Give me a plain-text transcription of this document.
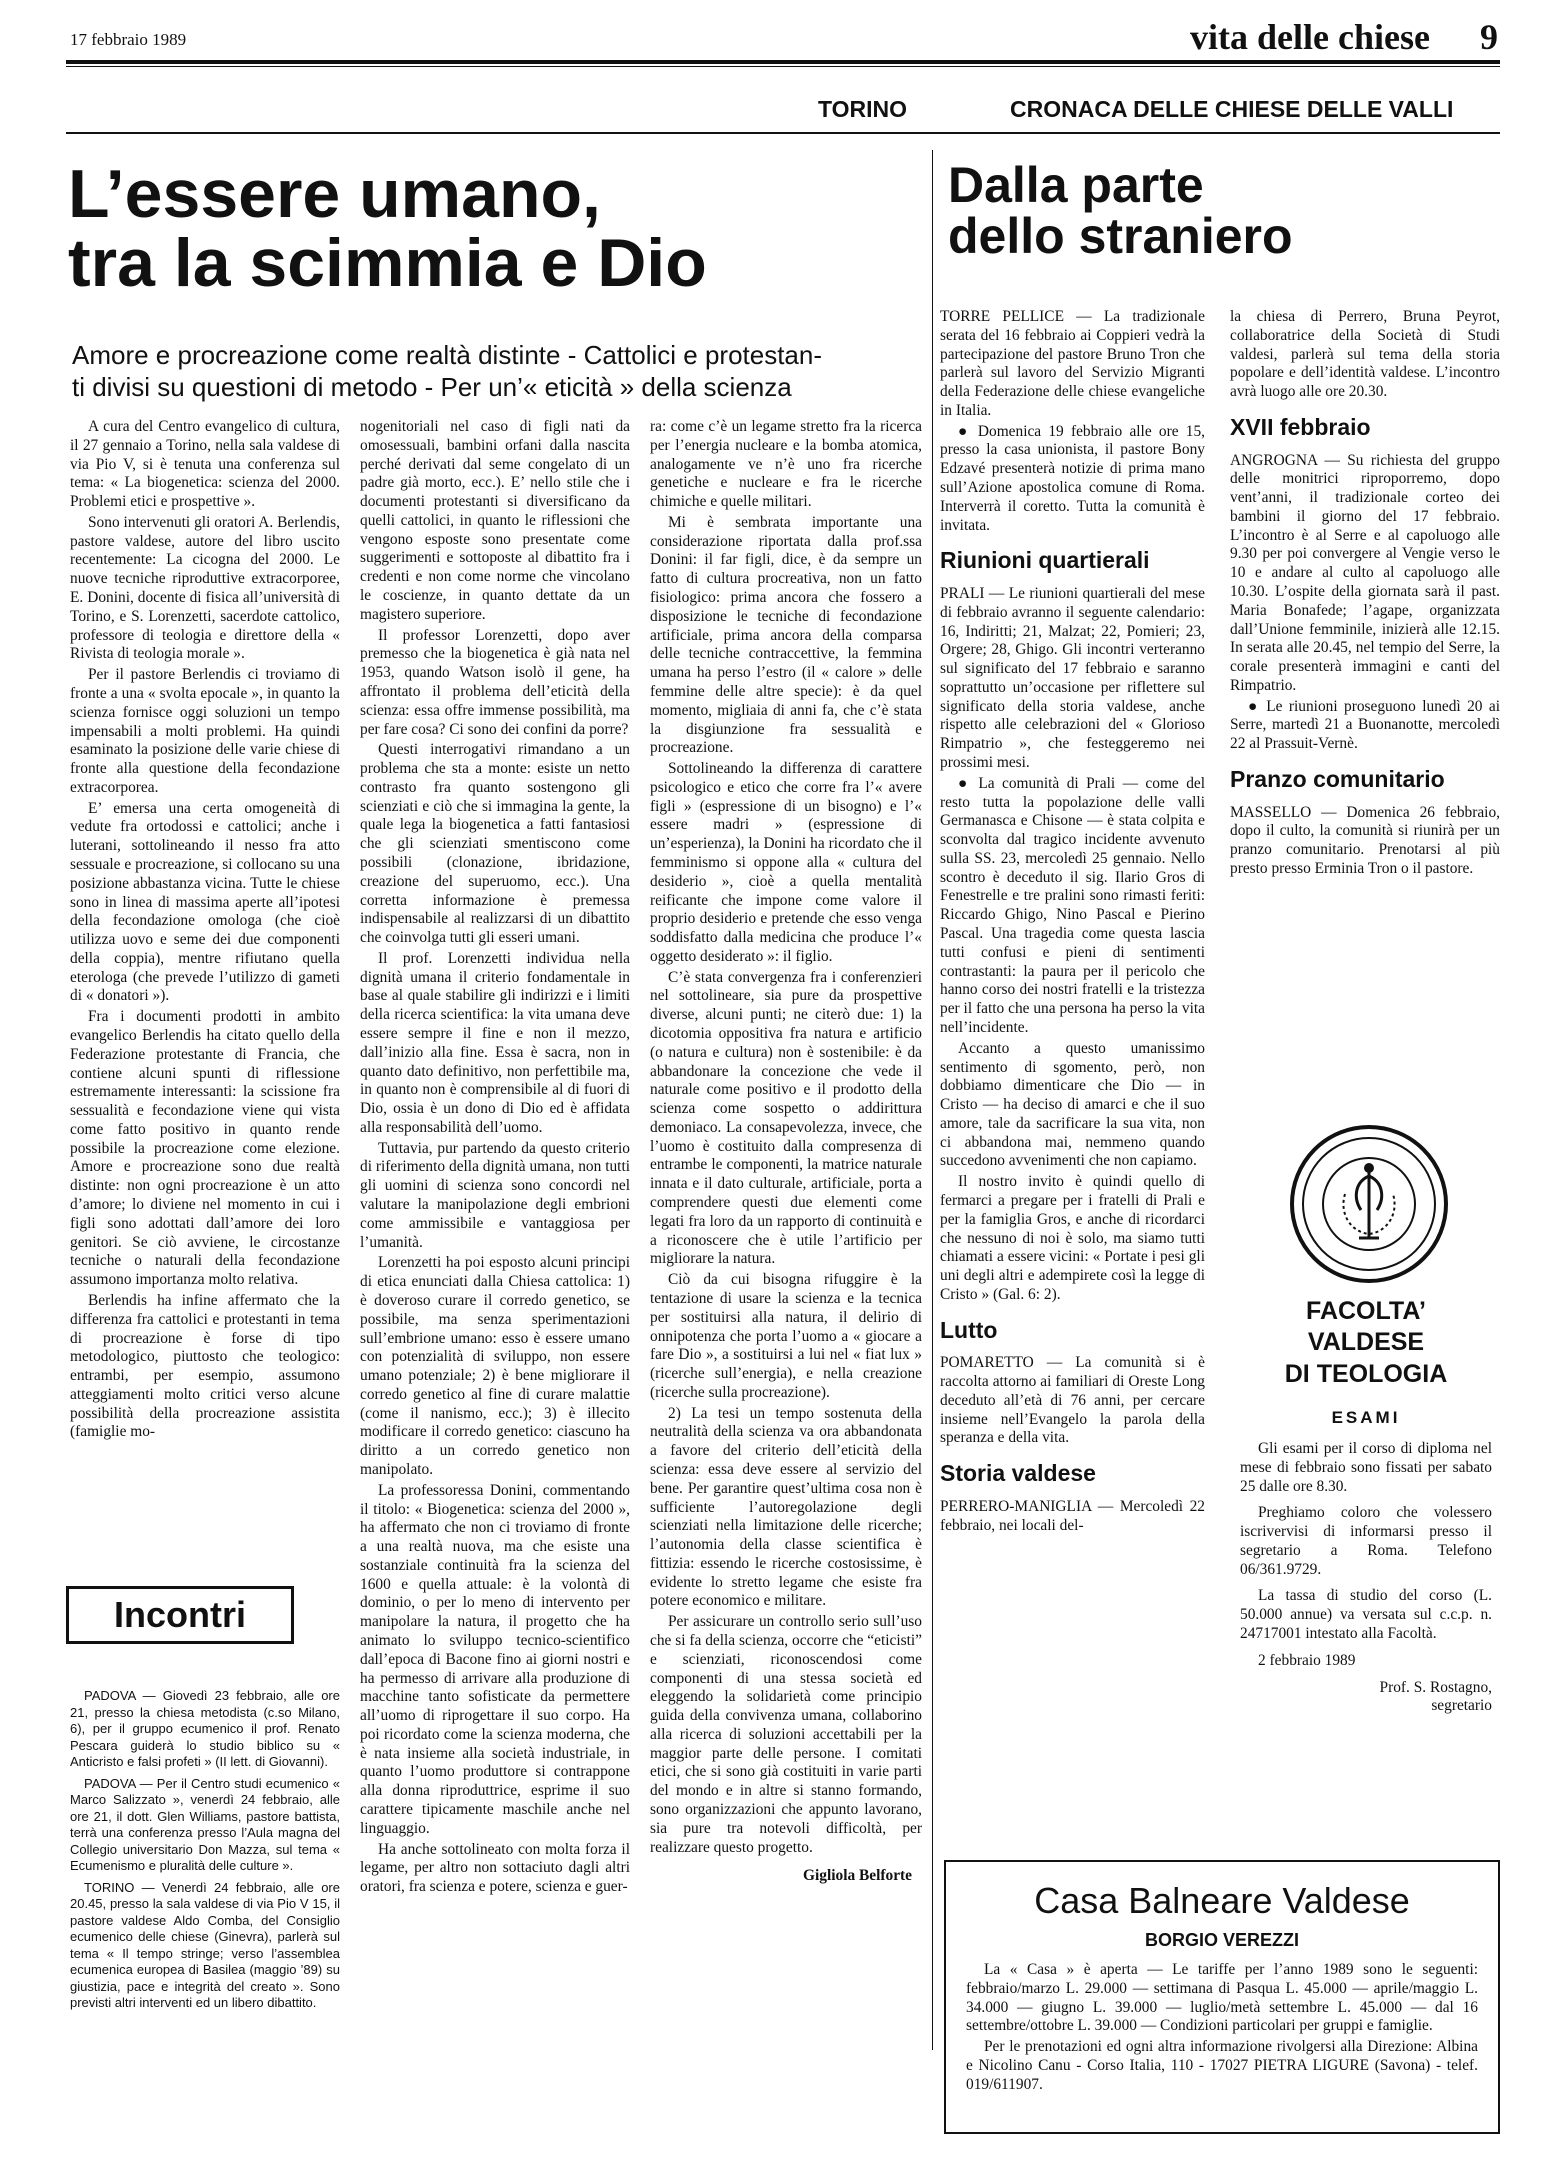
17 febbraio 1989	vita delle chiese 9
TORINO	CRONACA DELLE CHIESE DELLE VALLI
L’essere umano,
tra la scimmia e Dio
Amore e procreazione come realtà distinte - Cattolici e protestan-
ti divisi su questioni di metodo - Per un’« eticità » della scienza

A cura del Centro evangelico di cultura, il 27 gennaio a Torino, nella sala valdese di via Pio V, si è tenuta una conferenza sul tema: « La biogenetica: scienza del 2000. Problemi etici e prospettive ».

Sono intervenuti gli oratori A. Berlendis, pastore valdese, autore del libro uscito recentemente: La cicogna del 2000. Le nuove tecniche riproduttive extracorporee, E. Donini, docente di fisica all’università di Torino, e S. Lorenzetti, sacerdote cattolico, professore di teologia e direttore della « Rivista di teologia morale ».

Per il pastore Berlendis ci troviamo di fronte a una « svolta epocale », in quanto la scienza fornisce oggi soluzioni un tempo impensabili a molti problemi. Ha quindi esaminato la posizione delle varie chiese di fronte alla questione della fecondazione extracorporea.

E’ emersa una certa omogeneità di vedute fra ortodossi e cattolici; anche i luterani, sottolineando il nesso fra atto sessuale e procreazione, si collocano su una posizione abbastanza vicina. Tutte le chiese sono in linea di massima aperte all’ipotesi della fecondazione omologa (che cioè utilizza uovo e seme dei due componenti della coppia), mentre rifiutano quella eterologa (che prevede l’utilizzo di gameti di « donatori »).

Fra i documenti prodotti in ambito evangelico Berlendis ha citato quello della Federazione protestante di Francia, che contiene alcuni spunti di riflessione estremamente interessanti: la scissione fra sessualità e fecondazione viene qui vista come fatto positivo in quanto rende possibile la procreazione come elezione. Amore e procreazione sono due realtà distinte: non ogni procreazione è un atto d’amore; lo diviene nel momento in cui i figli sono adottati dall’amore dei loro genitori. Se ciò avviene, le circostanze tecniche o naturali della fecondazione assumono importanza molto relativa.

Berlendis ha infine affermato che la differenza fra cattolici e protestanti in tema di procreazione è forse di tipo metodologico, piuttosto che teologico: entrambi, per esempio, assumono atteggiamenti molto critici verso alcune possibilità della procreazione assistita (famiglie mo-

Incontri

PADOVA — Giovedì 23 febbraio, alle ore 21, presso la chiesa metodista (c.so Milano, 6), per il gruppo ecumenico il prof. Renato Pescara guiderà lo studio biblico su « Anticristo e falsi profeti » (II lett. di Giovanni).

PADOVA — Per il Centro studi ecumenico « Marco Salizzato », venerdì 24 febbraio, alle ore 21, il dott. Glen Williams, pastore battista, terrà una conferenza presso l’Aula magna del Collegio universitario Don Mazza, sul tema « Ecumenismo e pluralità delle culture ».

TORINO — Venerdì 24 febbraio, alle ore 20.45, presso la sala valdese di via Pio V 15, il pastore valdese Aldo Comba, del Consiglio ecumenico delle chiese (Ginevra), parlerà sul tema « Il tempo stringe; verso l’assemblea ecumenica europea di Basilea (maggio ’89) su giustizia, pace e integrità del creato ». Sono previsti altri interventi ed un libero dibattito.

nogenitoriali nel caso di figli nati da omosessuali, bambini orfani dalla nascita perché derivati dal seme congelato di un padre già morto, ecc.). E’ nello stile che i documenti protestanti si diversificano da quelli cattolici, in quanto le riflessioni che vengono esposte sono presentate come suggerimenti e sottoposte al dibattito fra i credenti e non come norme che vincolano le coscienze, in quanto dettate da un magistero superiore.

Il professor Lorenzetti, dopo aver premesso che la biogenetica è già nata nel 1953, quando Watson isolò il gene, ha affrontato il problema dell’eticità della scienza: essa offre immense possibilità, ma per fare cosa? Ci sono dei confini da porre?

Questi interrogativi rimandano a un problema che sta a monte: esiste un netto contrasto fra quanto sostengono gli scienziati e ciò che si immagina la gente, la quale lega la biogenetica a fatti fantasiosi che gli scienziati smentiscono come possibili (clonazione, ibridazione, creazione del superuomo, ecc.). Una corretta informazione è premessa indispensabile al realizzarsi di un dibattito che coinvolga tutti gli esseri umani.

Il prof. Lorenzetti individua nella dignità umana il criterio fondamentale in base al quale stabilire gli indirizzi e i limiti della ricerca scientifica: la vita umana deve essere sempre il fine e non il mezzo, dall’inizio alla fine. Essa è sacra, non in quanto dato definitivo, non perfettibile ma, in quanto non è comprensibile al di fuori di Dio, ossia è un dono di Dio ed è affidata alla responsabilità dell’uomo.

Tuttavia, pur partendo da questo criterio di riferimento della dignità umana, non tutti gli uomini di scienza sono concordi nel valutare la manipolazione degli embrioni come ammissibile e vantaggiosa per l’umanità.

Lorenzetti ha poi esposto alcuni principi di etica enunciati dalla Chiesa cattolica: 1) è doveroso curare il corredo genetico, se possibile, ma senza sperimentazioni sull’embrione umano: esso è essere umano con potenzialità di sviluppo, non essere umano potenziale; 2) è bene migliorare il corredo genetico al fine di curare malattie (come il nanismo, ecc.); 3) è illecito modificare il corredo genetico: ciascuno ha diritto a un corredo genetico non manipolato.

La professoressa Donini, commentando il titolo: « Biogenetica: scienza del 2000 », ha affermato che non ci troviamo di fronte a una realtà nuova, ma che esiste una sostanziale continuità fra la scienza del 1600 e quella attuale: è la volontà di dominio, o per lo meno di intervento per manipolare la natura, il progetto che ha animato lo sviluppo tecnico-scientifico dall’epoca di Bacone fino ai giorni nostri e ha permesso di arrivare alla produzione di macchine tanto sofisticate da permettere all’uomo di riprogettare il suo corpo. Ha poi ricordato come la scienza moderna, che è nata insieme alla società industriale, in quanto l’uomo produttore si contrappone alla donna riproduttrice, esprime il suo carattere tipicamente maschile anche nel linguaggio.

Ha anche sottolineato con molta forza il legame, per altro non sottaciuto dagli altri oratori, fra scienza e potere, scienza e guer-

ra: come c’è un legame stretto fra la ricerca per l’energia nucleare e la bomba atomica, analogamente ve n’è uno fra ricerche genetiche e nucleare e fra le ricerche chimiche e quelle militari.

Mi è sembrata importante una considerazione riportata dalla prof.ssa Donini: il far figli, dice, è da sempre un fatto di cultura procreativa, non un fatto fisiologico: prima ancora che fossero a disposizione le tecniche di fecondazione artificiale, prima ancora della comparsa delle tecniche contraccettive, la femmina umana ha perso l’estro (il « calore » delle femmine delle altre specie): è da quel momento, migliaia di anni fa, che c’è stata la disgiunzione fra sessualità e procreazione.

Sottolineando la differenza di carattere psicologico e etico che corre fra l’« avere figli » (espressione di un bisogno) e l’« essere madri » (espressione di un’esperienza), la Donini ha ricordato che il femminismo si oppone alla « cultura del desiderio », cioè a quella mentalità reificante che impone come valore il proprio desiderio e pretende che esso venga soddisfatto dalla medicina che produce l’« oggetto desiderato »: il figlio.

C’è stata convergenza fra i conferenzieri nel sottolineare, sia pure da prospettive diverse, alcuni punti; ne citerò due: 1) la dicotomia oppositiva fra natura e artificio (o natura e cultura) non è sostenibile: è da abbandonare la concezione che vede il naturale come positivo e il prodotto della scienza come sospetto o addirittura demoniaco. La consapevolezza, invece, che l’uomo è costituito dalla compresenza di entrambe le componenti, la matrice naturale innata e il dato culturale, artificiale, porta a comprendere questi due elementi come legati fra loro da un rapporto di continuità e a riconoscere che è utile l’artificio per migliorare la natura.

Ciò da cui bisogna rifuggire è la tentazione di usare la scienza e la tecnica per sostituirsi alla natura, il delirio di onnipotenza che porta l’uomo a « giocare a fare Dio », a sostituirsi a lui nel « fiat lux » (ricerche sull’energia), e nella creazione (ricerche sulla procreazione).

2) La tesi un tempo sostenuta della neutralità della scienza va ora abbandonata a favore del criterio dell’eticità della scienza: essa deve essere al servizio del bene. Per garantire quest’ultima cosa non è sufficiente l’autoregolazione degli scienziati nella limitazione delle ricerche; l’autonomia della classe scientifica è fittizia: essendo le ricerche costosissime, è evidente lo stretto legame che esiste fra potere economico e militare.

Per assicurare un controllo serio sull’uso che si fa della scienza, occorre che “eticisti” e scienziati, riconoscendosi come componenti di una stessa società ed eleggendo la solidarietà come principio guida della convivenza umana, collaborino alla ricerca di soluzioni accettabili per la maggior parte delle persone. I comitati etici, che si sono già costituiti in varie parti del mondo e in altre si stanno formando, sono organizzazioni che appunto lavorano, sia pure tra notevoli difficoltà, per realizzare questo progetto.

Gigliola Belforte
Dalla parte
dello straniero

TORRE PELLICE — La tradizionale serata del 16 febbraio ai Coppieri vedrà la partecipazione del pastore Bruno Tron che parlerà sul lavoro del Servizio Migranti della Federazione delle chiese evangeliche in Italia.

● Domenica 19 febbraio alle ore 15, presso la casa unionista, il pastore Bony Edzavé presenterà notizie di prima mano sull’Azione apostolica comune di Roma. Interverrà il coretto. Tutta la comunità è invitata.

Riunioni quartierali

PRALI — Le riunioni quartierali del mese di febbraio avranno il seguente calendario: 16, Indiritti; 21, Malzat; 22, Pomieri; 23, Orgere; 28, Ghigo. Gli incontri verteranno sul significato del 17 febbraio e saranno soprattutto un’occasione per riflettere sul significato della storia valdese, anche rispetto alle celebrazioni del « Glorioso Rimpatrio », che festeggeremo nei prossimi mesi.

● La comunità di Prali — come del resto tutta la popolazione delle valli Germanasca e Chisone — è stata colpita e sconvolta dal tragico incidente avvenuto sulla SS. 23, mercoledì 25 gennaio. Nello scontro è deceduto il sig. Ilario Gros di Fenestrelle e tre pralini sono rimasti feriti: Riccardo Ghigo, Nino Pascal e Pierino Pascal. Una tragedia come questa lascia tutti confusi e pieni di sentimenti contrastanti: la paura per il pericolo che hanno corso dei nostri fratelli e la tristezza per il fatto che una persona ha perso la vita nell’incidente.

Accanto a questo umanissimo sentimento di sgomento, però, non dobbiamo dimenticare che Dio — in Cristo — ha deciso di amarci e che il suo amore, tale da sacrificare la sua vita, non ci abbandona mai, nemmeno quando succedono avvenimenti che non capiamo.

Il nostro invito è quindi quello di fermarci a pregare per i fratelli di Prali e per la famiglia Gros, e anche di ricordarci che nessuno di noi è solo, ma siamo tutti chiamati a essere vicini: « Portate i pesi gli uni degli altri e adempirete così la legge di Cristo » (Gal. 6: 2).

Lutto

POMARETTO — La comunità si è raccolta attorno ai familiari di Oreste Long deceduto all’età di 76 anni, per cercare insieme nell’Evangelo la parola della speranza e della vita.

Storia valdese

PERRERO-MANIGLIA — Mercoledì 22 febbraio, nei locali del-

la chiesa di Perrero, Bruna Peyrot, collaboratrice della Società di Studi valdesi, parlerà sul tema della storia popolare e dell’identità valdese. L’incontro avrà luogo alle ore 20.30.

XVII febbraio

ANGROGNA — Su richiesta del gruppo delle monitrici riproporremo, dopo vent’anni, il tradizionale corteo dei bambini il giorno del 17 febbraio. L’incontro è al Serre e al capoluogo alle 9.30 per poi convergere al Vengie verso le 10 e andare al culto al capoluogo alle 10.30. L’ospite della giornata sarà il past. Maria Bonafede; l’agape, organizzata dall’Unione femminile, inizierà alle 12.15. In serata alle 20.45, nel tempio del Serre, la corale presenterà immagini e canti del Rimpatrio.

● Le riunioni proseguono lunedì 20 ai Serre, martedì 21 a Buonanotte, mercoledì 22 al Prassuit-Vernè.

Pranzo comunitario

MASSELLO — Domenica 26 febbraio, dopo il culto, la comunità si riunirà per un pranzo comunitario. Prenotarsi al più presto presso Erminia Tron o il pastore.

FACOLTA’
VALDESE
DI TEOLOGIA
ESAMI

Gli esami per il corso di diploma nel mese di febbraio sono fissati per sabato 25 dalle ore 8.30.

Preghiamo coloro che volessero iscrivervisi di informarsi presso il segretario a Roma. Telefono 06/361.9729.

La tassa di studio del corso (L. 50.000 annue) va versata sul c.c.p. n. 24717001 intestato alla Facoltà.

2 febbraio 1989
Prof. S. Rostagno,
segretario
Casa Balneare Valdese
BORGIO VEREZZI

La « Casa » è aperta — Le tariffe per l’anno 1989 sono le seguenti: febbraio/marzo L. 29.000 — settimana di Pasqua L. 45.000 — aprile/maggio L. 34.000 — giugno L. 39.000 — luglio/metà settembre L. 45.000 — dal 16 settembre/ottobre L. 39.000 — Condizioni particolari per gruppi e famiglie.

Per le prenotazioni ed ogni altra informazione rivolgersi alla Direzione: Albina e Nicolino Canu - Corso Italia, 110 - 17027 PIETRA LIGURE (Savona) - telef. 019/611907.
